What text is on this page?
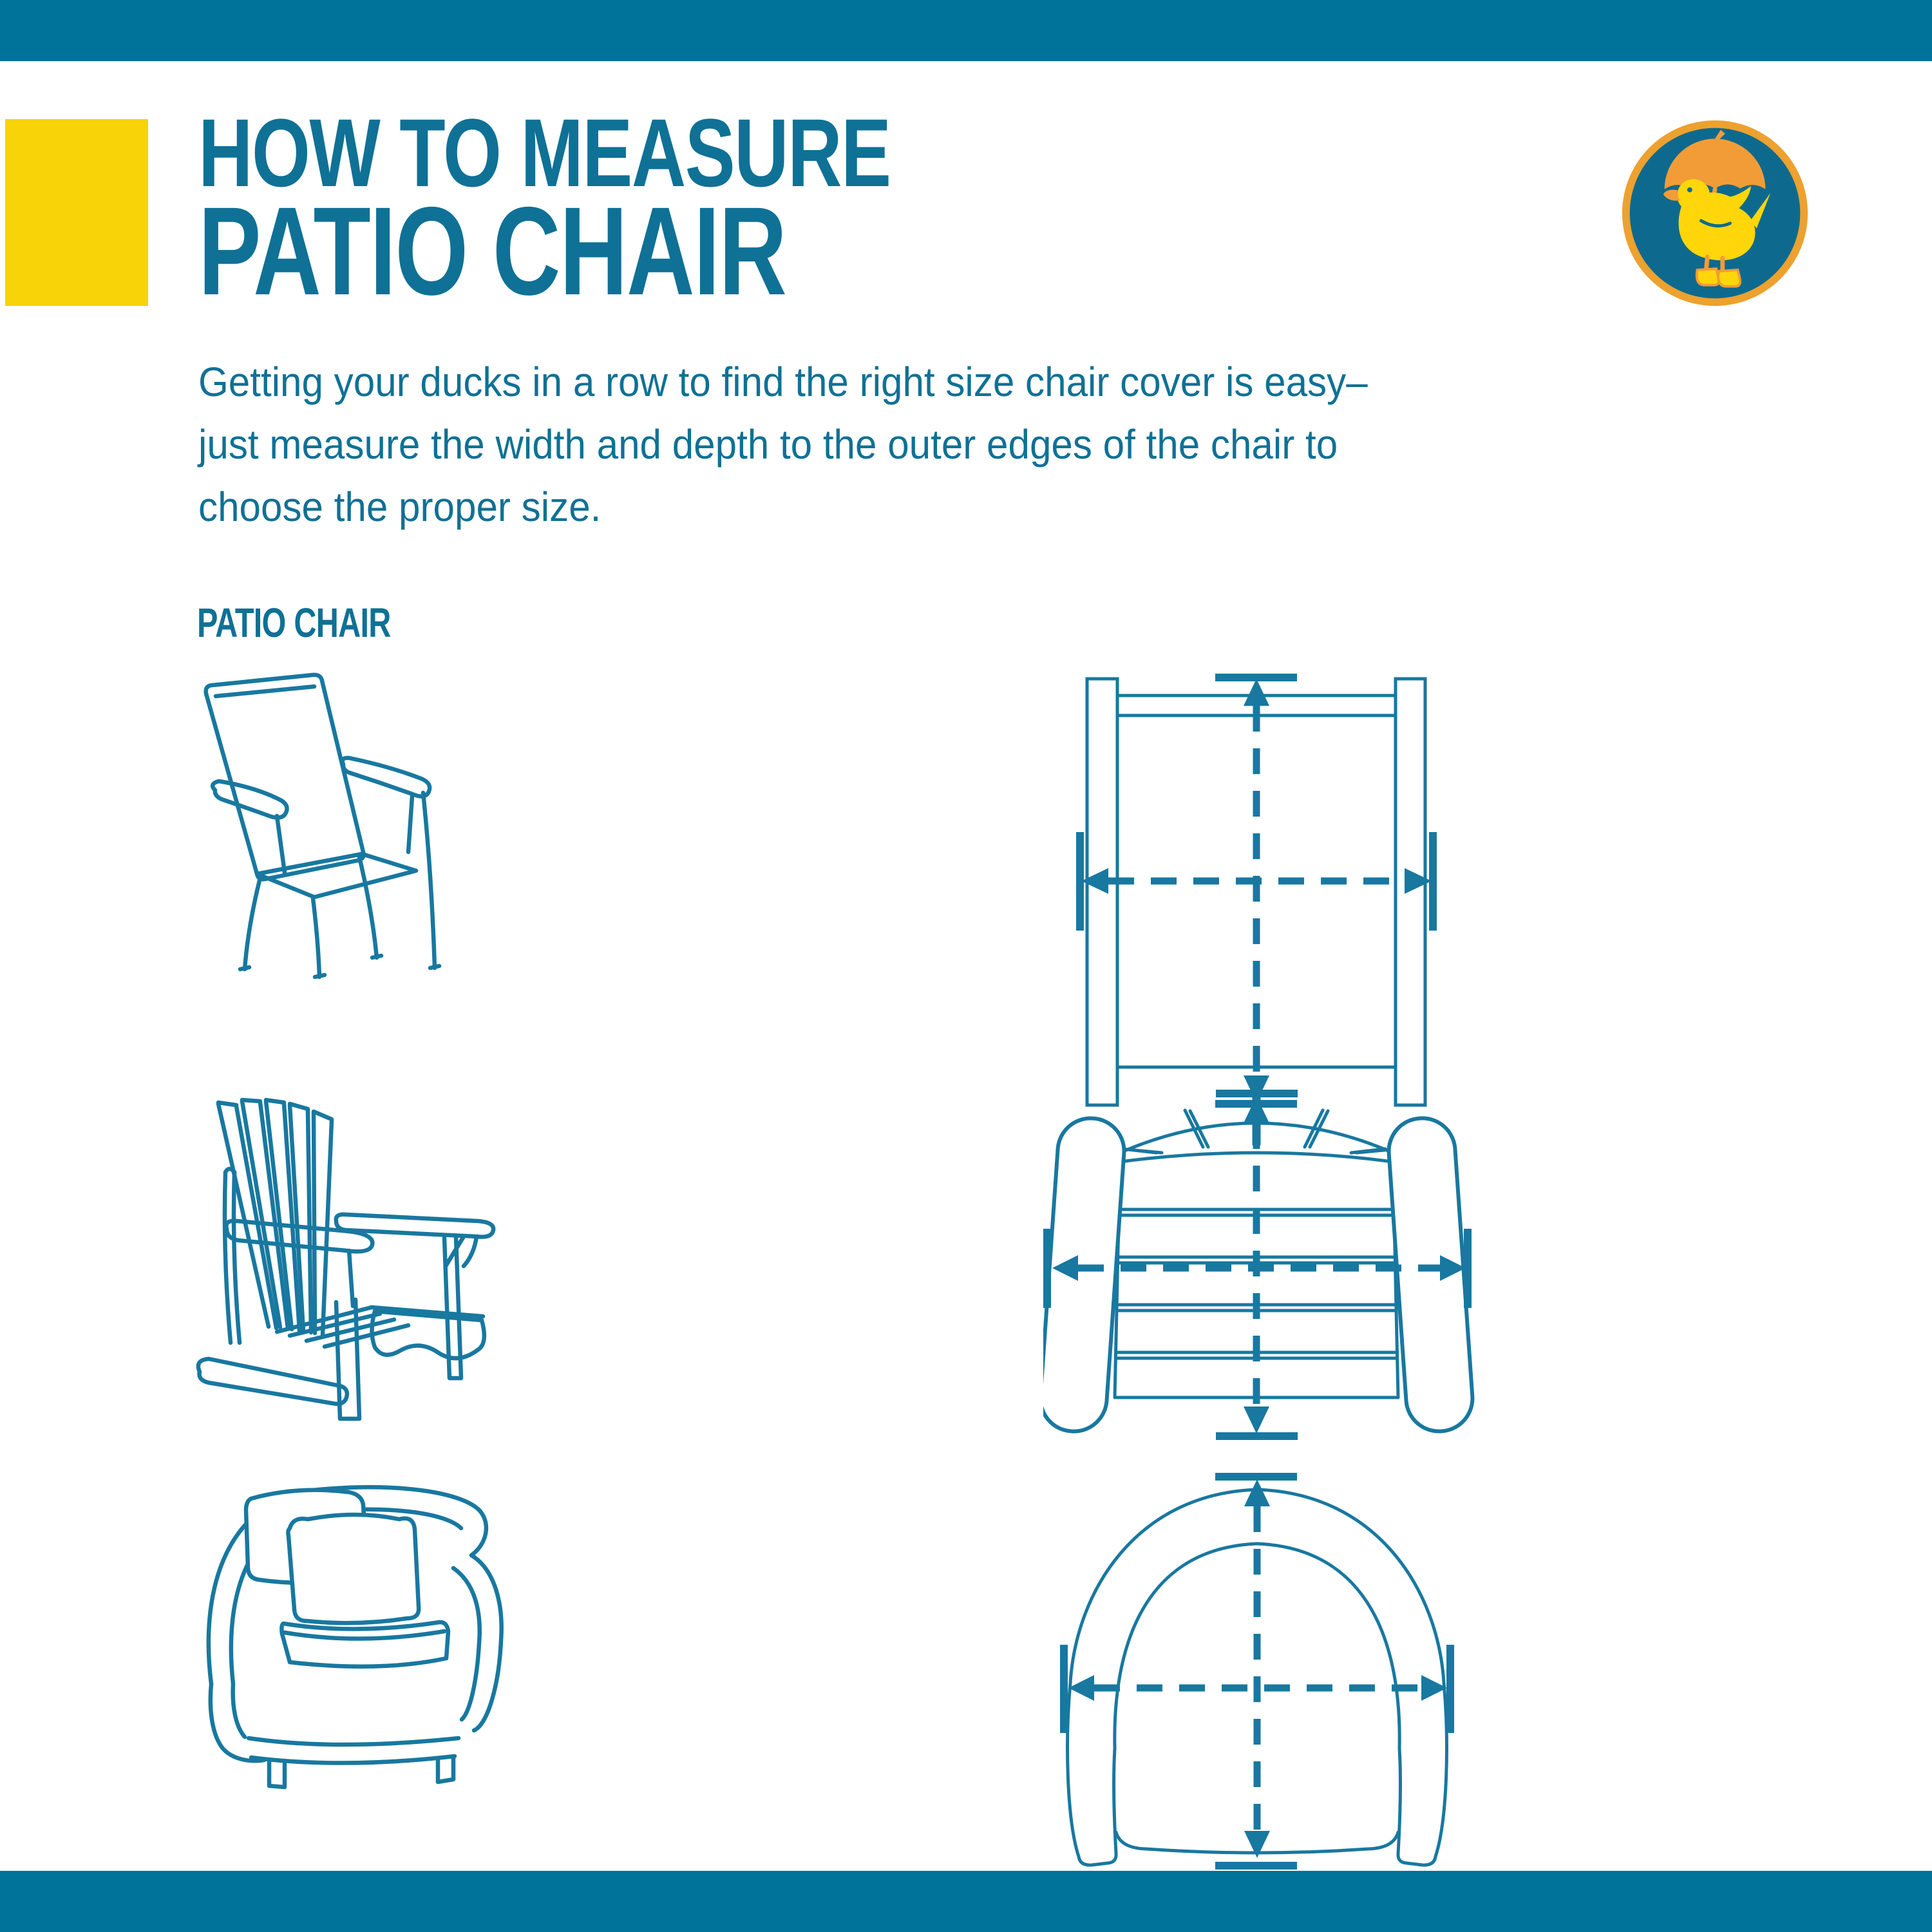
HOW TO MEASURE
PATIO CHAIR
Getting your ducks in a row to find the right size chair cover is easy–
just measure the width and depth to the outer edges of the chair to
choose the proper size.
PATIO CHAIR
